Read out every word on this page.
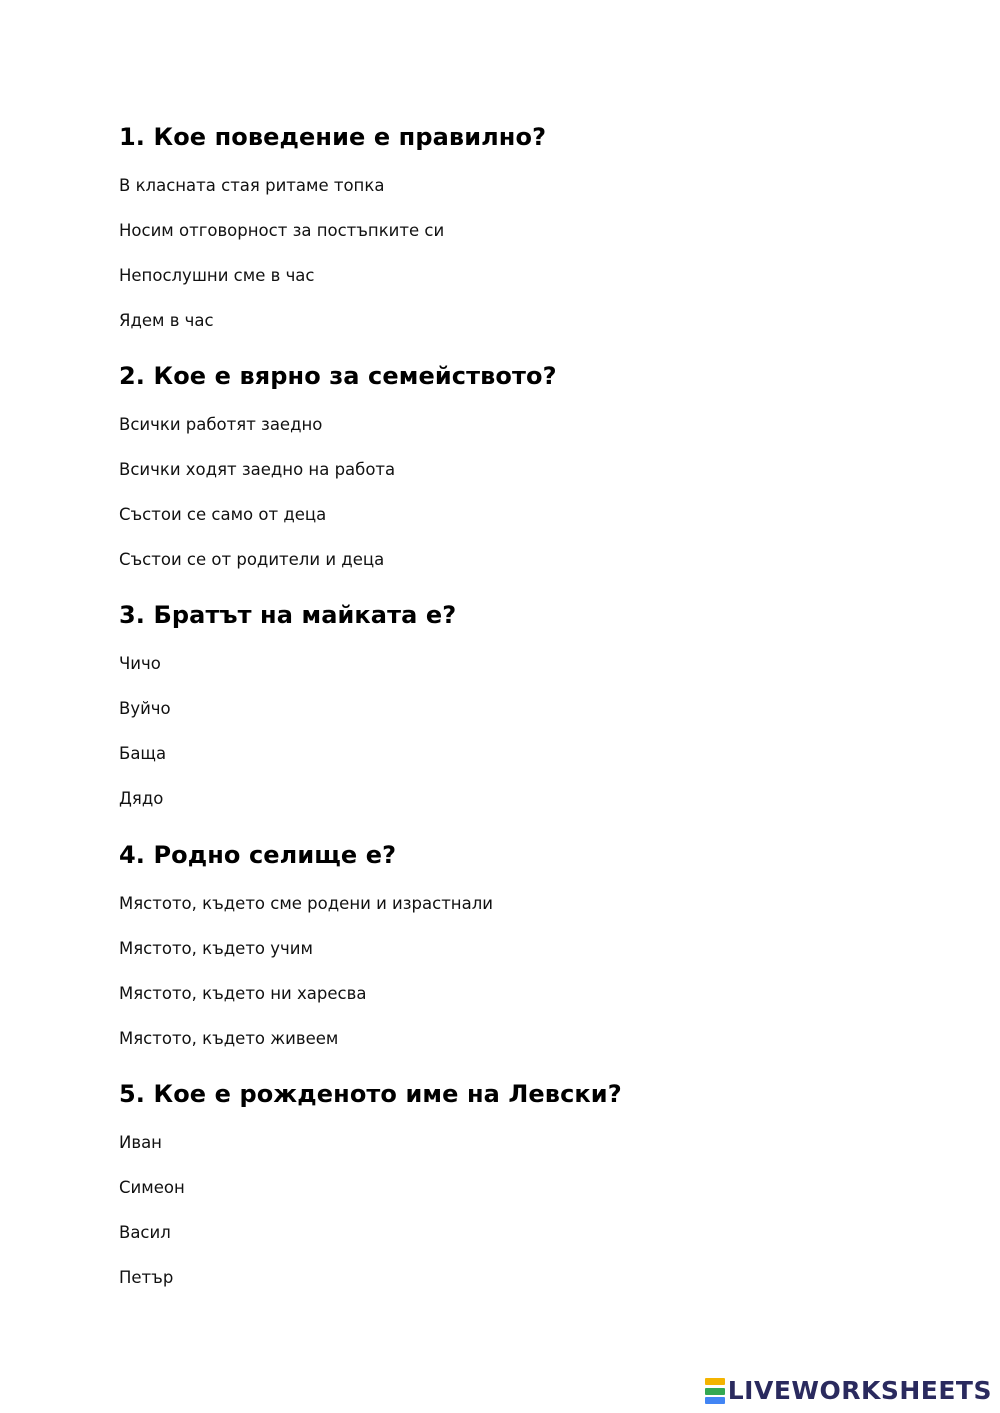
1. Кое поведение е правилно?
В класната стая ритаме топка
Носим отговорност за постъпките си
Непослушни сме в час
Ядем в час
2. Кое е вярно за семейството?
Всички работят заедно
Всички ходят заедно на работа
Състои се само от деца
Състои се от родители и деца
3. Братът на майката е?
Чичо
Вуйчо
Баща
Дядо
4. Родно селище е?
Мястото, където сме родени и израстнали
Мястото, където учим
Мястото, където ни харесва
Мястото, където живеем
5. Кое е рожденото име на Левски?
Иван
Симеон
Васил
Петър
LIVEWORKSHEETS
